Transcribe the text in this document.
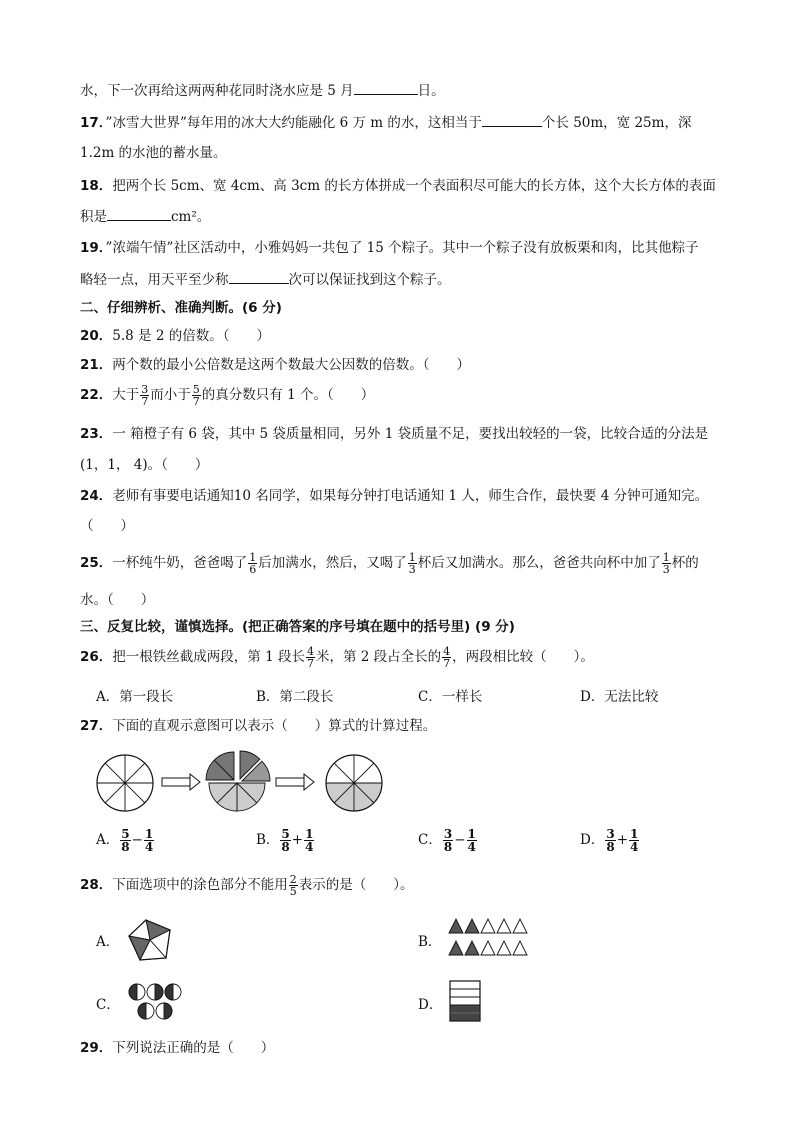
水，下一次再给这两两种花同时浇水应是 5 月	日。
17．”冰雪大世界”每年用的冰大大约能融化 6 万 m 的水，这相当于	个长 50m，宽 25m，深
1.2m 的水池的蓄水量。
18．把两个长 5cm、宽 4cm、高 3cm 的长方体拼成一个表面积尽可能大的长方体，这个大长方体的表面
积是	cm²。
19．”浓端午情”社区活动中，小雅妈妈一共包了 15 个粽子。其中一个粽子没有放板栗和肉，比其他粽子
略轻一点，用天平至少称	次可以保证找到这个粽子。
二、仔细辨析、准确判断。(6 分)
20．5.8 是 2 的倍数。（　　）
21．两个数的最小公倍数是这两个数最大公因数的倍数。（　　）
22．大于 $\frac{3}{7}$ 而小于 $\frac{5}{7}$ 的真分数只有 1 个。（　　）
23．一 箱橙子有 6 袋，其中 5 袋质量相同，另外 1 袋质量不足，要找出较轻的一袋，比较合适的分法是
(1，1， 4)。（　　）
24．老师有事要电话通知10 名同学，如果每分钟打电话通知 1 人，师生合作，最快要 4 分钟可通知完。
（　　）
25．一杯纯牛奶，爸爸喝了 $\frac{1}{6}$ 后加满水，然后，又喝了 $\frac{1}{3}$ 杯后又加满水。那么，爸爸共向杯中加了 $\frac{1}{3}$ 杯的
水。（　　）
三、反复比较，谨慎选择。(把正确答案的序号填在题中的括号里) (9 分)
26．把一根铁丝截成两段，第 1 段长 $\frac{4}{7}$ 米，第 2 段占全长的 $\frac{4}{7}$ ，两段相比较（　　）。
A．第一段长	B．第二段长	C．一样长	D．无法比较
27．下面的直观示意图可以表示（　　）算式的计算过程。
A． $\frac{5}{8} - \frac{1}{4}$	B． $\frac{5}{8} + \frac{1}{4}$	C． $\frac{3}{8} - \frac{1}{4}$	D． $\frac{3}{8} + \frac{1}{4}$
28．下面选项中的涂色部分不能用 $\frac{2}{5}$ 表示的是（　　）。
A．	B．
C．	D．
29．下列说法正确的是（　　）
